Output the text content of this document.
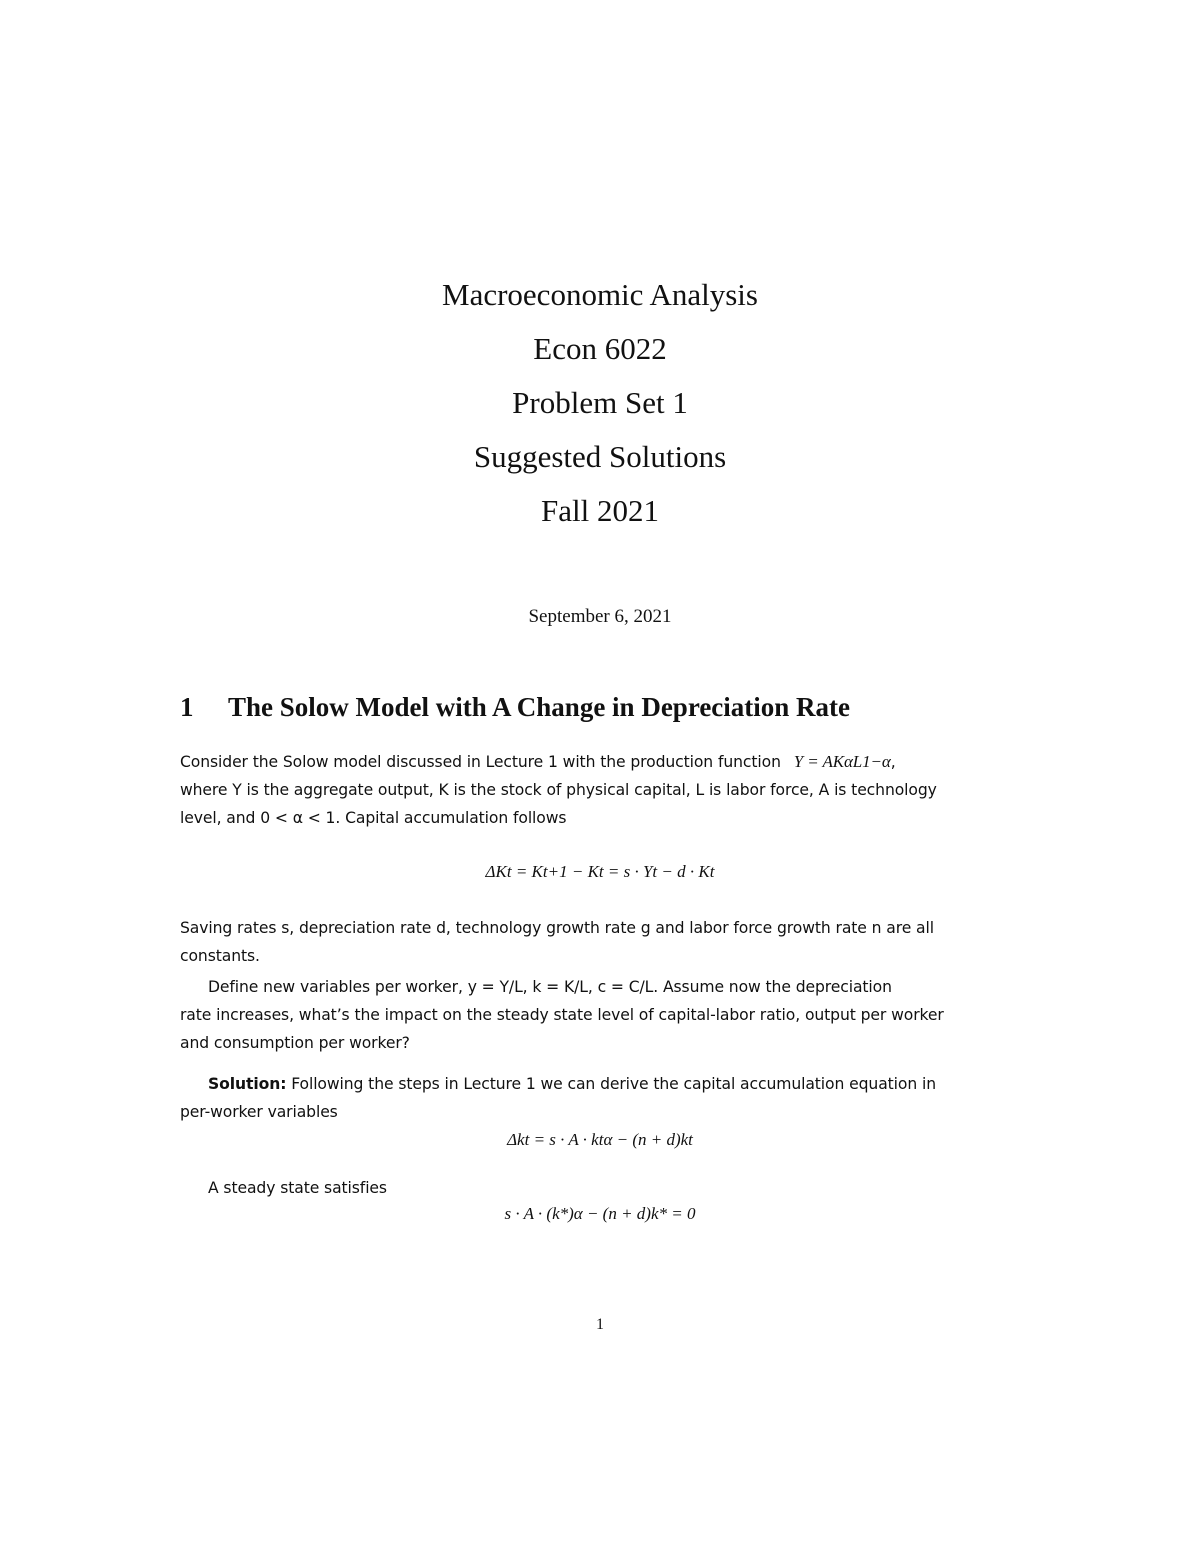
Macroeconomic Analysis

Econ 6022

Problem Set 1

Suggested Solutions

Fall 2021

September 6, 2021
1 The Solow Model with A Change in Depreciation Rate
Consider the Solow model discussed in Lecture 1 with the production function Y = AKαL1−α,
where Y is the aggregate output, K is the stock of physical capital, L is labor force, A is technology
level, and 0 < α < 1. Capital accumulation follows
ΔKt = Kt+1 − Kt = s · Yt − d · Kt
Saving rates s, depreciation rate d, technology growth rate g and labor force growth rate n are all
constants.
Define new variables per worker, y = Y/L, k = K/L, c = C/L. Assume now the depreciation
rate increases, what’s the impact on the steady state level of capital-labor ratio, output per worker
and consumption per worker?
Solution: Following the steps in Lecture 1 we can derive the capital accumulation equation in
per-worker variables
Δkt = s · A · ktα − (n + d)kt
A steady state satisfies
s · A · (k*)α − (n + d)k* = 0
1
